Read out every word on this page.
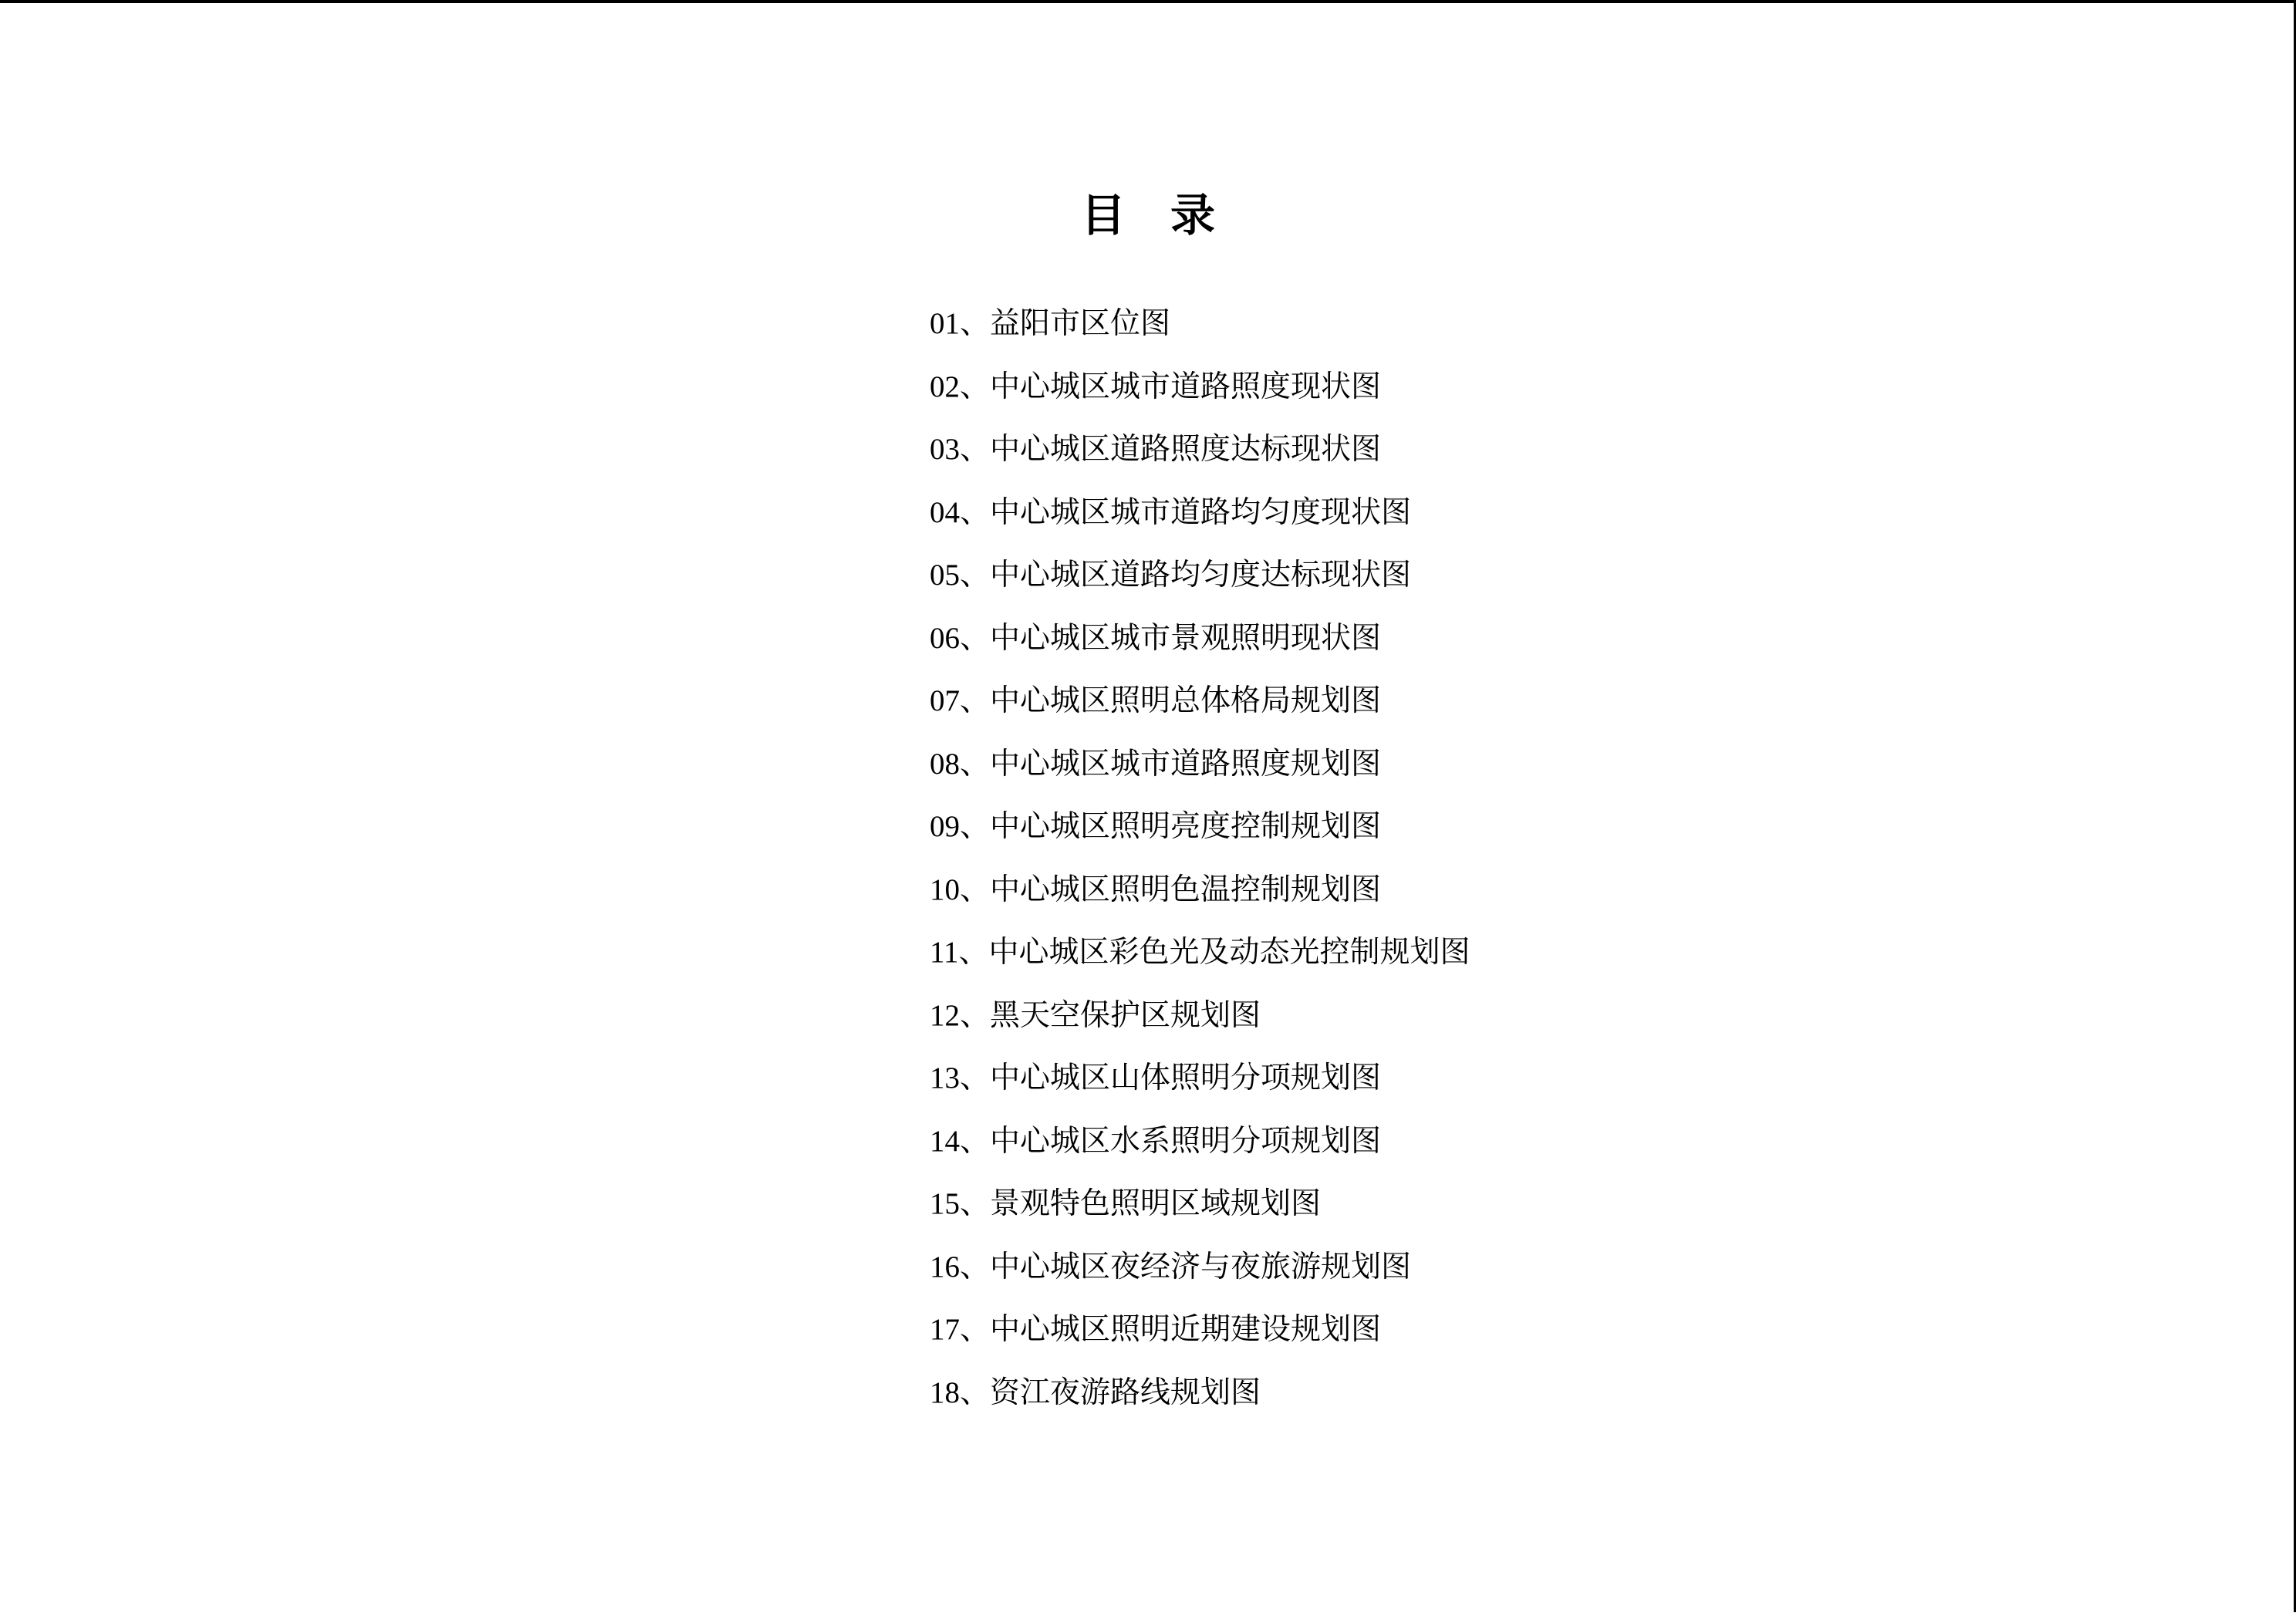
目　录
01、益阳市区位图
02、中心城区城市道路照度现状图
03、中心城区道路照度达标现状图
04、中心城区城市道路均匀度现状图
05、中心城区道路均匀度达标现状图
06、中心城区城市景观照明现状图
07、中心城区照明总体格局规划图
08、中心城区城市道路照度规划图
09、中心城区照明亮度控制规划图
10、中心城区照明色温控制规划图
11、中心城区彩色光及动态光控制规划图
12、黑天空保护区规划图
13、中心城区山体照明分项规划图
14、中心城区水系照明分项规划图
15、景观特色照明区域规划图
16、中心城区夜经济与夜旅游规划图
17、中心城区照明近期建设规划图
18、资江夜游路线规划图
